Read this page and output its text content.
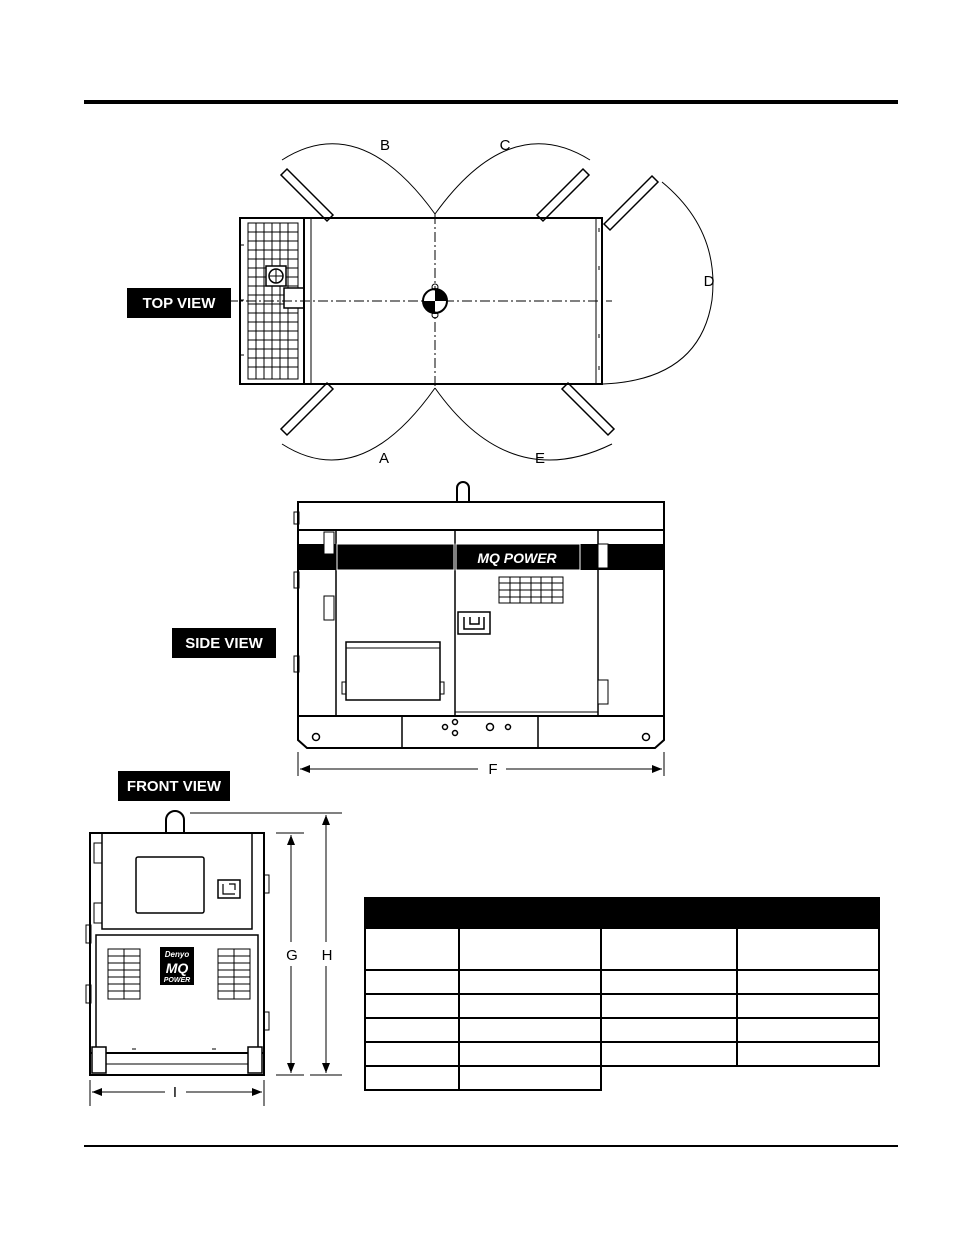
TOP VIEW
SIDE VIEW
FRONT VIEW
B	C
D
A	E
F
G H
I
MQ POWER
Denyo
MQ
POWER
